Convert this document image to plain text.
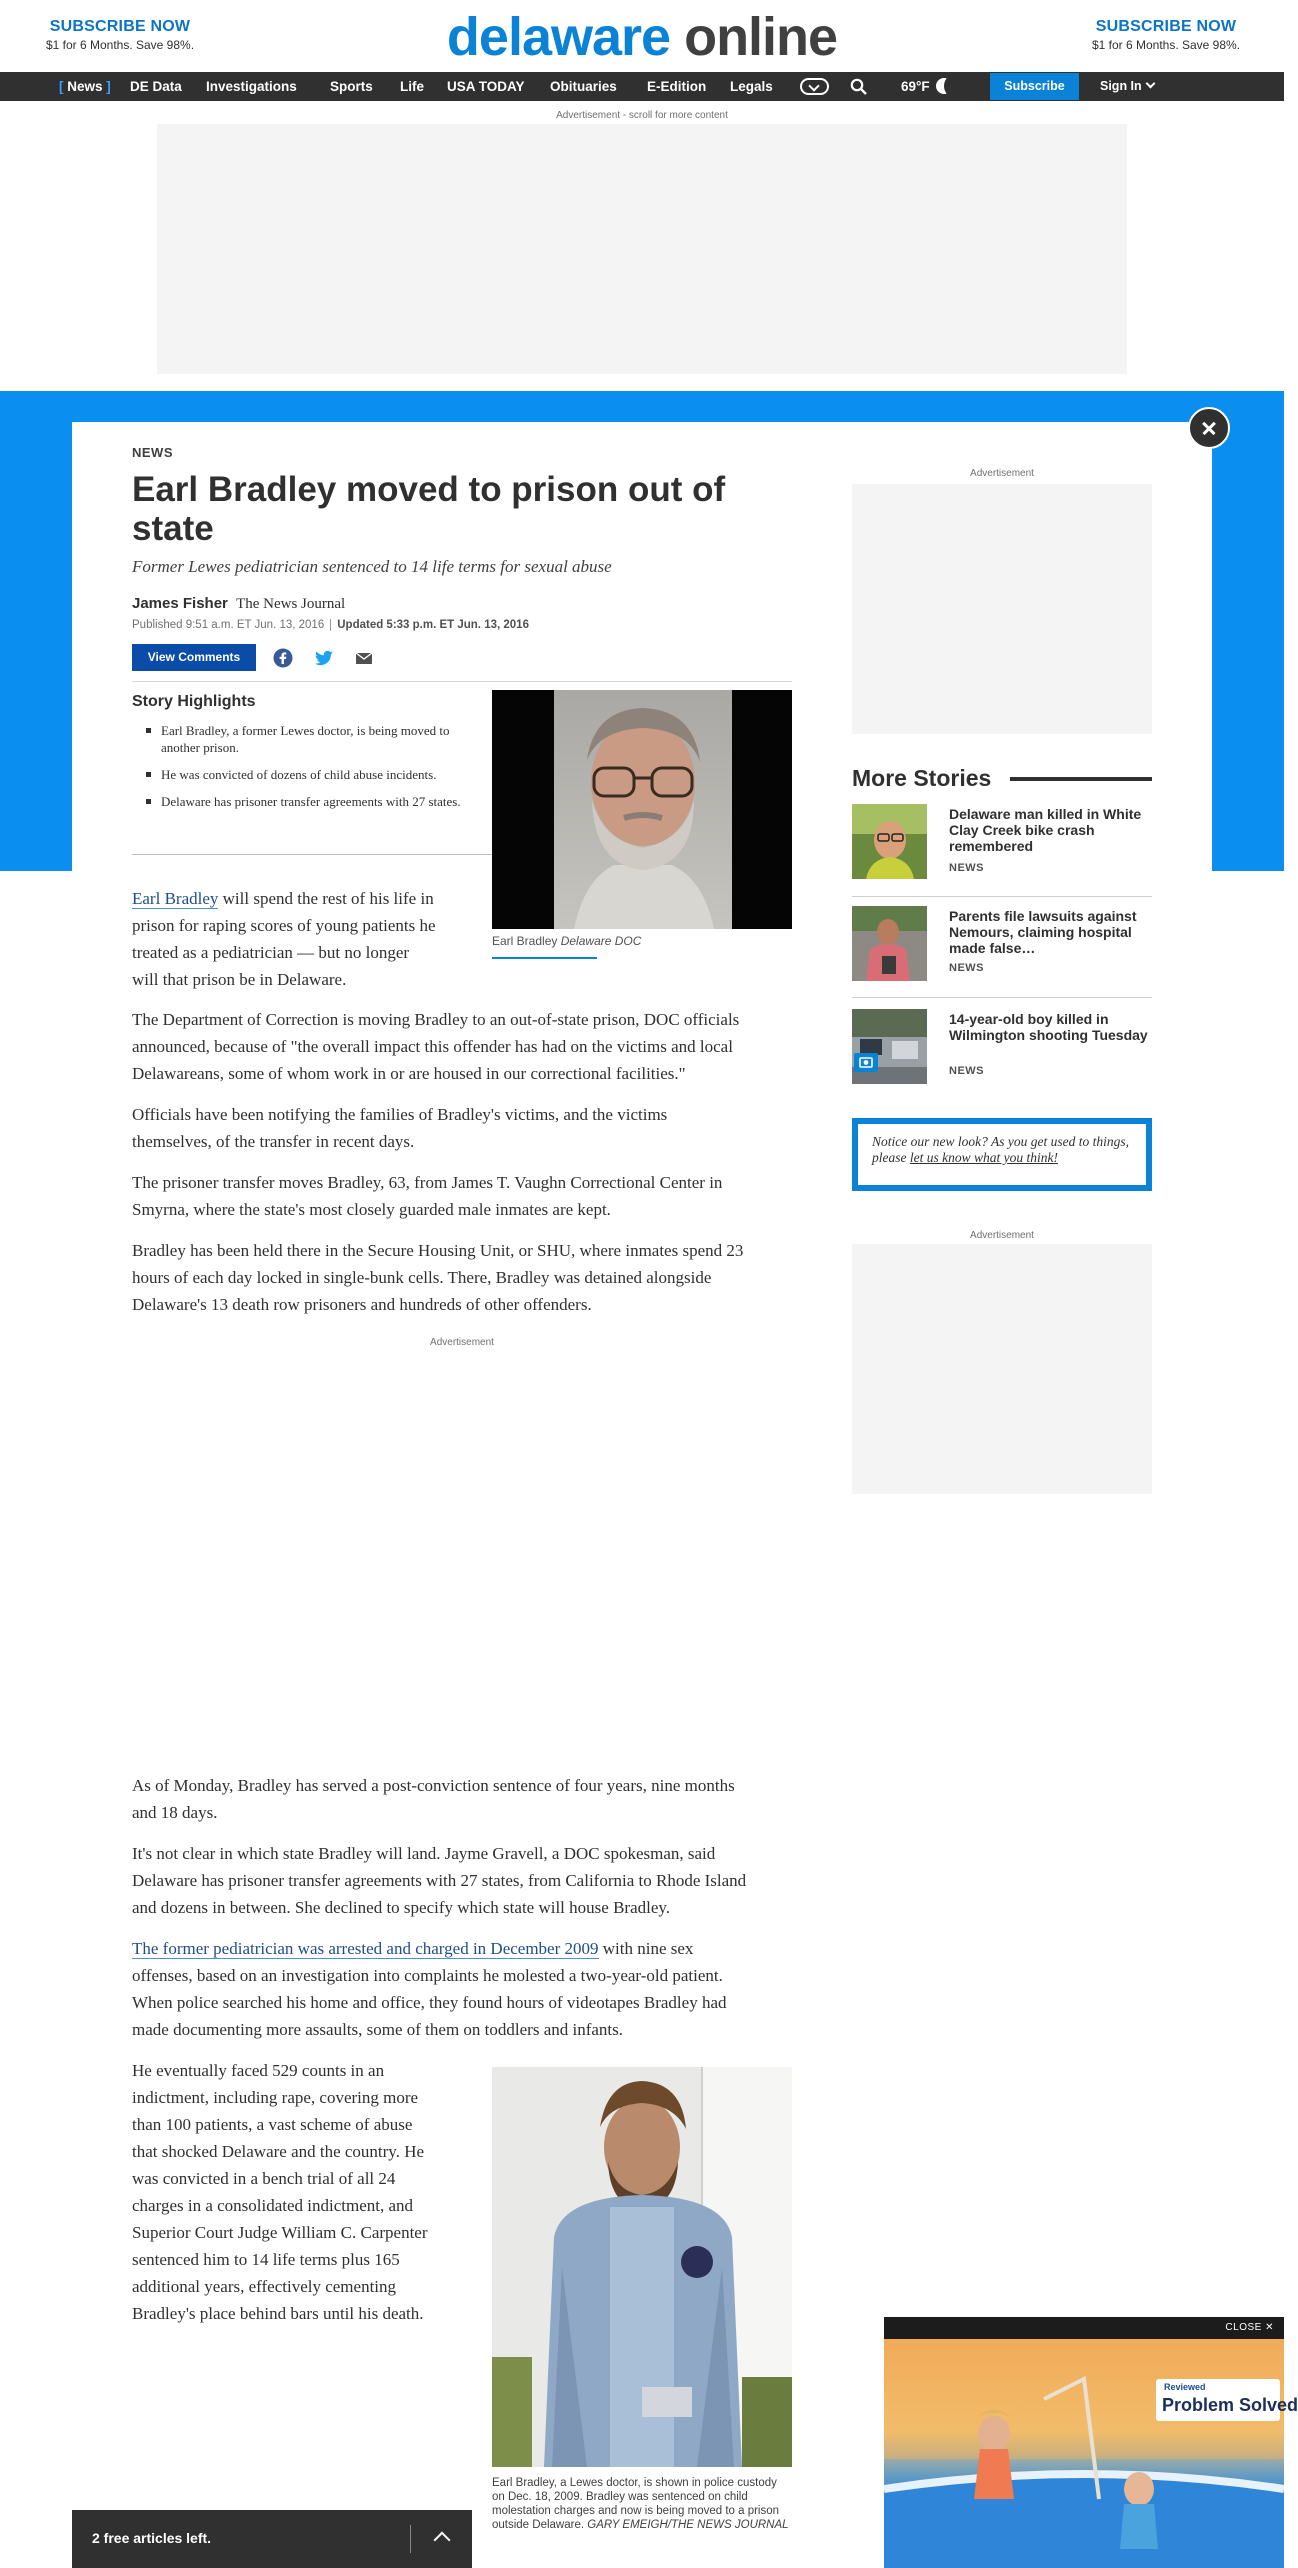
SUBSCRIBE NOW
$1 for 6 Months. Save 98%.	delaware online	SUBSCRIBE NOW
$1 for 6 Months. Save 98%.
[ News ] DE Data Investigations Sports Life USA TODAY Obituaries E-Edition Legals	69°F	Subscribe	Sign In
Advertisement - scroll for more content
NEWS
Earl Bradley moved to prison out of state
Former Lewes pediatrician sentenced to 14 life terms for sexual abuse
James Fisher The News Journal
Published 9:51 a.m. ET Jun. 13, 2016 Updated 5:33 p.m. ET Jun. 13, 2016
View Comments
Story Highlights
Earl Bradley, a former Lewes doctor, is being moved to another prison.
He was convicted of dozens of child abuse incidents.
Delaware has prisoner transfer agreements with 27 states.
Earl Bradley Delaware DOC
Earl Bradley will spend the rest of his life in
prison for raping scores of young patients he
treated as a pediatrician — but no longer
will that prison be in Delaware.
The Department of Correction is moving Bradley to an out-of-state prison, DOC officials
announced, because of "the overall impact this offender has had on the victims and local
Delawareans, some of whom work in or are housed in our correctional facilities."
Officials have been notifying the families of Bradley's victims, and the victims
themselves, of the transfer in recent days.
The prisoner transfer moves Bradley, 63, from James T. Vaughn Correctional Center in
Smyrna, where the state's most closely guarded male inmates are kept.
Bradley has been held there in the Secure Housing Unit, or SHU, where inmates spend 23
hours of each day locked in single-bunk cells. There, Bradley was detained alongside
Delaware's 13 death row prisoners and hundreds of other offenders.
Advertisement
As of Monday, Bradley has served a post-conviction sentence of four years, nine months
and 18 days.
It's not clear in which state Bradley will land. Jayme Gravell, a DOC spokesman, said
Delaware has prisoner transfer agreements with 27 states, from California to Rhode Island
and dozens in between. She declined to specify which state will house Bradley.
The former pediatrician was arrested and charged in December 2009 with nine sex
offenses, based on an investigation into complaints he molested a two-year-old patient.
When police searched his home and office, they found hours of videotapes Bradley had
made documenting more assaults, some of them on toddlers and infants.
He eventually faced 529 counts in an
indictment, including rape, covering more
than 100 patients, a vast scheme of abuse
that shocked Delaware and the country. He
was convicted in a bench trial of all 24
charges in a consolidated indictment, and
Superior Court Judge William C. Carpenter
sentenced him to 14 life terms plus 165
additional years, effectively cementing
Bradley's place behind bars until his death.
Earl Bradley, a Lewes doctor, is shown in police custody on Dec. 18, 2009. Bradley was sentenced on child molestation charges and now is being moved to a prison outside Delaware. GARY EMEIGH/THE NEWS JOURNAL
Advertisement
More Stories
Delaware man killed in White Clay Creek bike crash remembered
NEWS
Parents file lawsuits against Nemours, claiming hospital made false…
NEWS
14-year-old boy killed in Wilmington shooting Tuesday
NEWS
Notice our new look? As you get used to things, please let us know what you think!
Advertisement
2 free articles left.
CLOSE ✕
Reviewed
Problem Solved
